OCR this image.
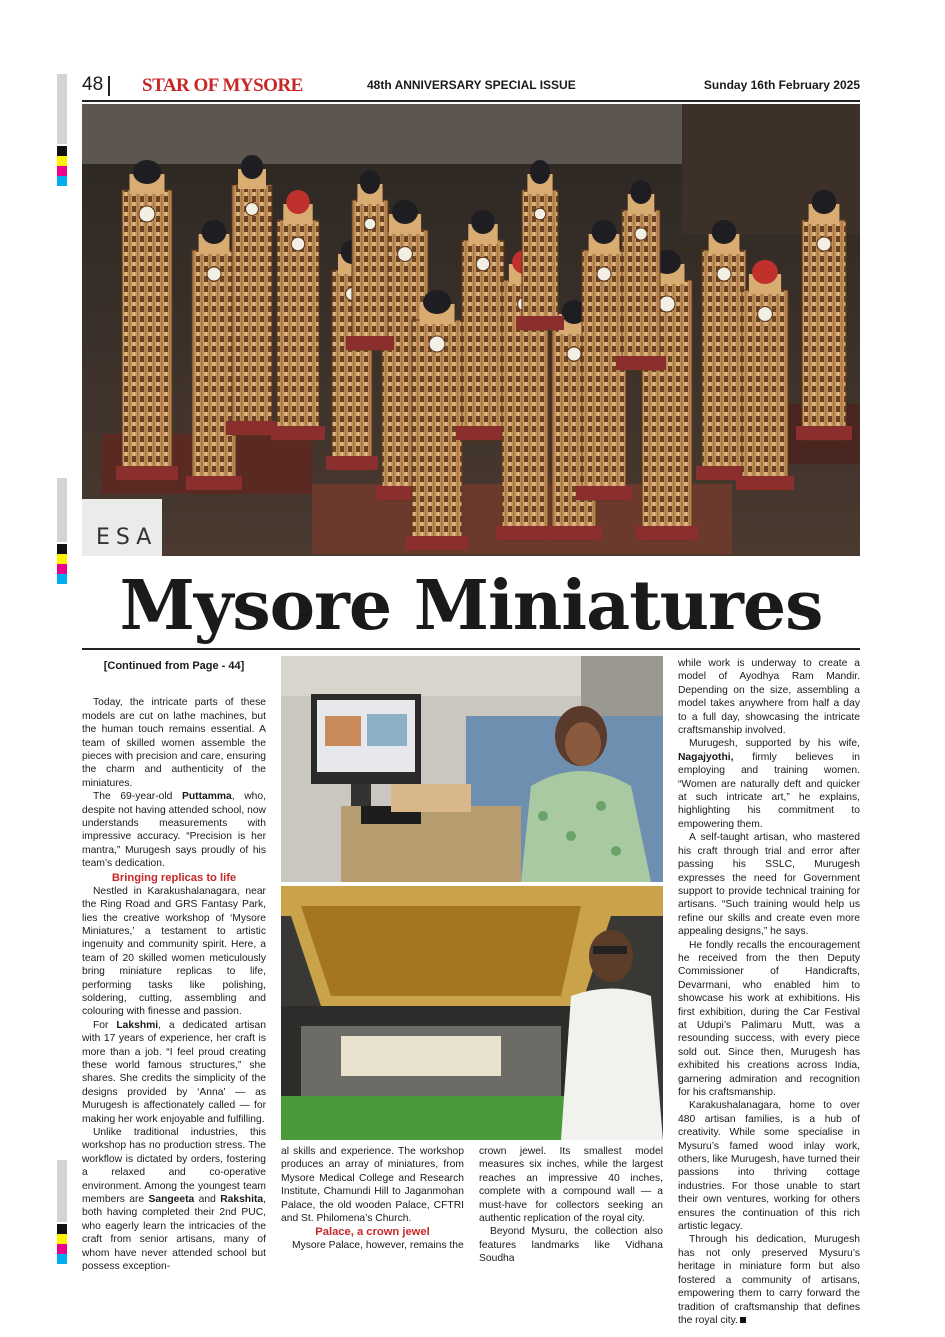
48 STAR OF MYSORE	48th ANNIVERSARY SPECIAL ISSUE	Sunday 16th February 2025
ESA
Mysore Miniatures
[Continued from Page - 44]

Today, the intricate parts of these models are cut on lathe machines, but the human touch remains essential. A team of skilled women assemble the pieces with precision and care, ensuring the charm and authenticity of the miniatures.

The 69-year-old Puttamma, who, despite not having attended school, now understands measurements with impressive accuracy. “Precision is her mantra,” Murugesh says proudly of his team’s dedication.

Bringing replicas to life

Nestled in Karakushalanagara, near the Ring Road and GRS Fantasy Park, lies the creative workshop of ‘Mysore Miniatures,’ a testament to artistic ingenuity and community spirit. Here, a team of 20 skilled women meticulously bring miniature replicas to life, performing tasks like polishing, soldering, cutting, assembling and colouring with finesse and passion.

For Lakshmi, a dedicated artisan with 17 years of experience, her craft is more than a job. “I feel proud creating these world famous structures,” she shares. She credits the simplicity of the designs provided by ‘Anna’ — as Murugesh is affectionately called — for making her work enjoyable and fulfilling.

Unlike traditional industries, this workshop has no production stress. The workflow is dictated by orders, fostering a relaxed and co-operative environment. Among the youngest team members are Sangeeta and Rakshita, both having completed their 2nd PUC, who eagerly learn the intricacies of the craft from senior artisans, many of whom have never attended school but possess exception-

al skills and experience. The workshop produces an array of miniatures, from Mysore Medical College and Research Institute, Chamundi Hill to Jaganmohan Palace, the old wooden Palace, CFTRI and St. Philomena’s Church.

Palace, a crown jewel

Mysore Palace, however, remains the

crown jewel. Its smallest model measures six inches, while the largest reaches an impressive 40 inches, complete with a compound wall — a must-have for collectors seeking an authentic replication of the royal city.

Beyond Mysuru, the collection also features landmarks like Vidhana Soudha

while work is underway to create a model of Ayodhya Ram Mandir. Depending on the size, assembling a model takes anywhere from half a day to a full day, showcasing the intricate craftsmanship involved.

Murugesh, supported by his wife, Nagajyothi, firmly believes in employing and training women. “Women are naturally deft and quicker at such intricate art,” he explains, highlighting his commitment to empowering them.

A self-taught artisan, who mastered his craft through trial and error after passing his SSLC, Murugesh expresses the need for Government support to provide technical training for artisans. “Such training would help us refine our skills and create even more appealing designs,” he says.

He fondly recalls the encouragement he received from the then Deputy Commissioner of Handicrafts, Devarmani, who enabled him to showcase his work at exhibitions. His first exhibition, during the Car Festival at Udupi’s Palimaru Mutt, was a resounding success, with every piece sold out. Since then, Murugesh has exhibited his creations across India, garnering admiration and recognition for his craftsmanship.

Karakushalanagara, home to over 480 artisan families, is a hub of creativity. While some specialise in Mysuru’s famed wood inlay work, others, like Murugesh, have turned their passions into thriving cottage industries. For those unable to start their own ventures, working for others ensures the continuation of this rich artistic legacy.

Through his dedication, Murugesh has not only preserved Mysuru’s heritage in miniature form but also fostered a community of artisans, empowering them to carry forward the tradition of craftsmanship that defines the royal city.
